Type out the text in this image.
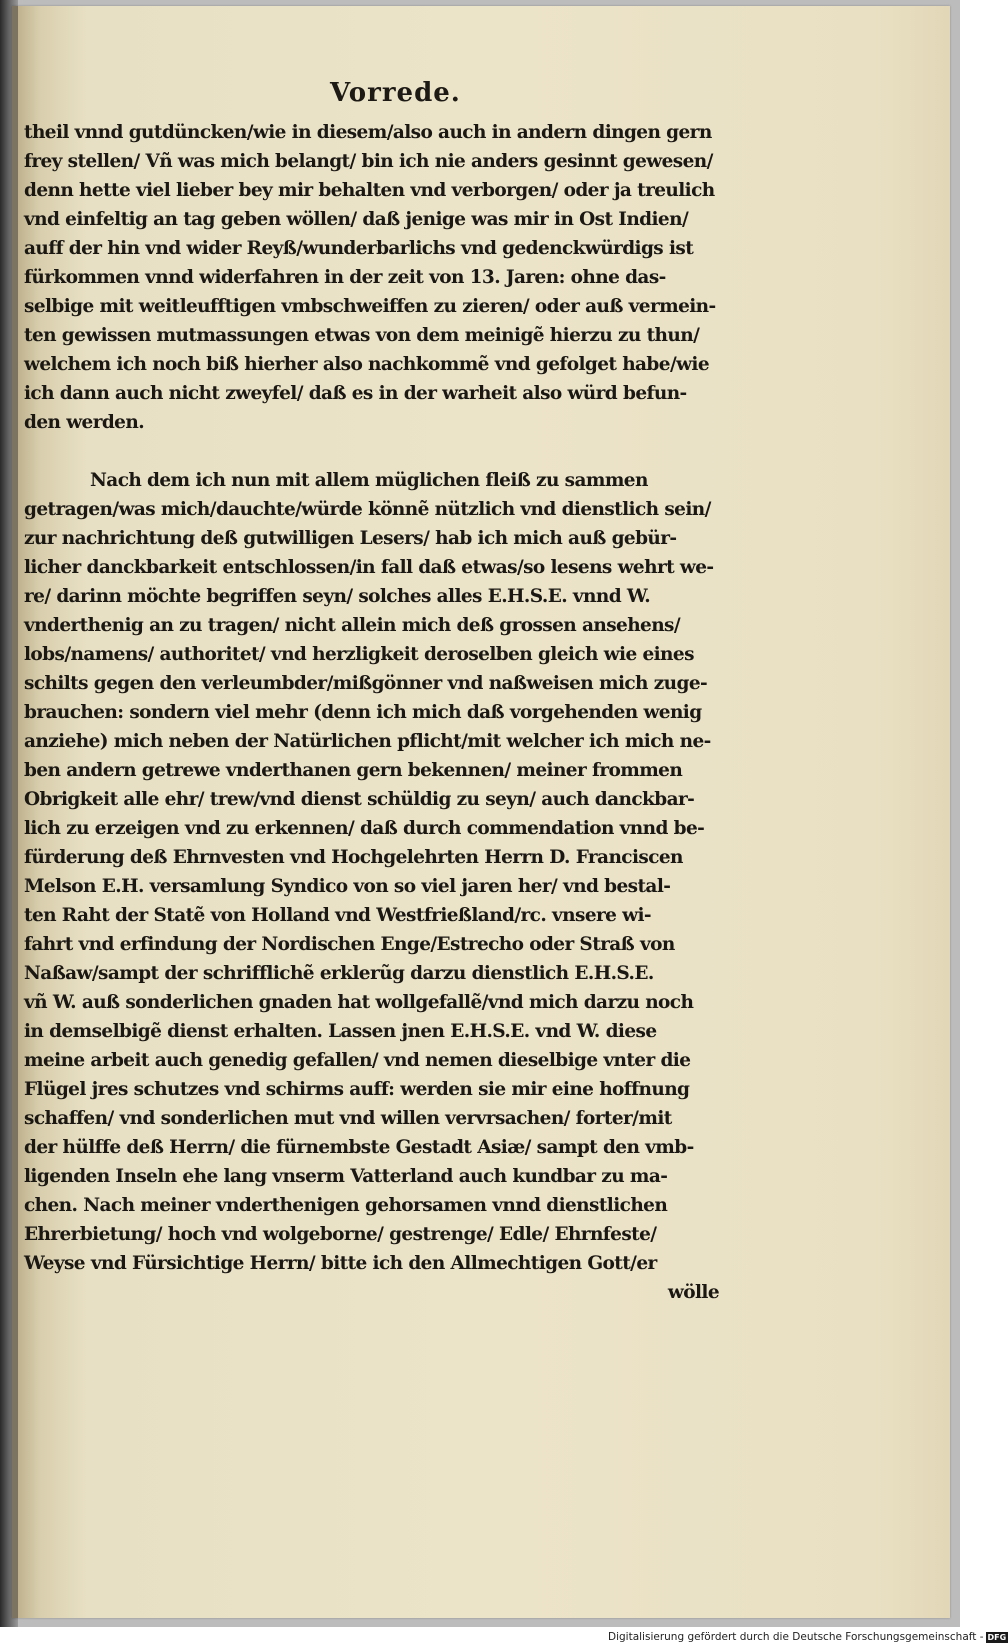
Vorrede.
theil vnnd gutdüncken/wie in diesem/also auch in andern dingen gern
frey stellen/ Vñ was mich belangt/ bin ich nie anders gesinnt gewesen/
denn hette viel lieber bey mir behalten vnd verborgen/ oder ja treulich
vnd einfeltig an tag geben wöllen/ daß jenige was mir in Ost Indien/
auff der hin vnd wider Reyß/wunderbarlichs vnd gedenckwürdigs ist
fürkommen vnnd widerfahren in der zeit von 13. Jaren: ohne das-
selbige mit weitleufftigen vmbschweiffen zu zieren/ oder auß vermein-
ten gewissen mutmassungen etwas von dem meinigẽ hierzu zu thun/
welchem ich noch biß hierher also nachkommẽ vnd gefolget habe/wie
ich dann auch nicht zweyfel/ daß es in der warheit also würd befun-
den werden.
Nach dem ich nun mit allem müglichen fleiß zu sammen
getragen/was mich/dauchte/würde könnẽ nützlich vnd dienstlich sein/
zur nachrichtung deß gutwilligen Lesers/ hab ich mich auß gebür-
licher danckbarkeit entschlossen/in fall daß etwas/so lesens wehrt we-
re/ darinn möchte begriffen seyn/ solches alles E.H.S.E. vnnd W.
vnderthenig an zu tragen/ nicht allein mich deß grossen ansehens/
lobs/namens/ authoritet/ vnd herzligkeit deroselben gleich wie eines
schilts gegen den verleumbder/mißgönner vnd naßweisen mich zuge-
brauchen: sondern viel mehr (denn ich mich daß vorgehenden wenig
anziehe) mich neben der Natürlichen pflicht/mit welcher ich mich ne-
ben andern getrewe vnderthanen gern bekennen/ meiner frommen
Obrigkeit alle ehr/ trew/vnd dienst schüldig zu seyn/ auch danckbar-
lich zu erzeigen vnd zu erkennen/ daß durch commendation vnnd be-
fürderung deß Ehrnvesten vnd Hochgelehrten Herrn D. Franciscen
Melson E.H. versamlung Syndico von so viel jaren her/ vnd bestal-
ten Raht der Statẽ von Holland vnd Westfrießland/rc. vnsere wi-
fahrt vnd erfindung der Nordischen Enge/Estrecho oder Straß von
Naßaw/sampt der schrifflichẽ erklerũg darzu dienstlich E.H.S.E.
vñ W. auß sonderlichen gnaden hat wollgefallẽ/vnd mich darzu noch
in demselbigẽ dienst erhalten. Lassen jnen E.H.S.E. vnd W. diese
meine arbeit auch genedig gefallen/ vnd nemen dieselbige vnter die
Flügel jres schutzes vnd schirms auff: werden sie mir eine hoffnung
schaffen/ vnd sonderlichen mut vnd willen vervrsachen/ forter/mit
der hülffe deß Herrn/ die fürnembste Gestadt Asiæ/ sampt den vmb-
ligenden Inseln ehe lang vnserm Vatterland auch kundbar zu ma-
chen. Nach meiner vnderthenigen gehorsamen vnnd dienstlichen
Ehrerbietung/ hoch vnd wolgeborne/ gestrenge/ Edle/ Ehrnfeste/
Weyse vnd Fürsichtige Herrn/ bitte ich den Allmechtigen Gott/er
wölle
Digitalisierung gefördert durch die Deutsche Forschungsgemeinschaft - DFG
